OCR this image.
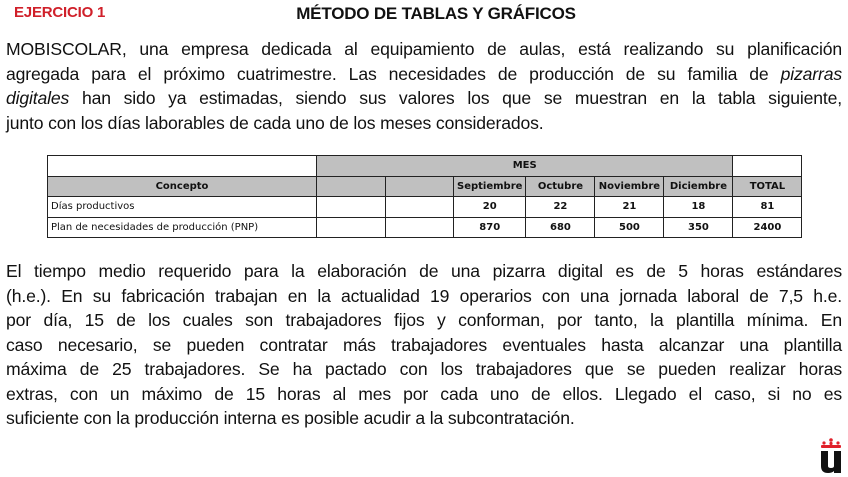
EJERCICIO 1	MÉTODO DE TABLAS Y GRÁFICOS
MOBISCOLAR, una empresa dedicada al equipamiento de aulas, está realizando su planificación
agregada para el próximo cuatrimestre. Las necesidades de producción de su familia de pizarras
digitales han sido ya estimadas, siendo sus valores los que se muestran en la tabla siguiente,
junto con los días laborables de cada uno de los meses considerados.
	MES						
Concepto			Septiembre	Octubre	Noviembre	Diciembre	TOTAL
Días productivos			20	22	21	18	81
Plan de necesidades de producción (PNP)			870	680	500	350	2400
El tiempo medio requerido para la elaboración de una pizarra digital es de 5 horas estándares
(h.e.). En su fabricación trabajan en la actualidad 19 operarios con una jornada laboral de 7,5 h.e.
por día, 15 de los cuales son trabajadores fijos y conforman, por tanto, la plantilla mínima. En
caso necesario, se pueden contratar más trabajadores eventuales hasta alcanzar una plantilla
máxima de 25 trabajadores. Se ha pactado con los trabajadores que se pueden realizar horas
extras, con un máximo de 15 horas al mes por cada uno de ellos. Llegado el caso, si no es
suficiente con la producción interna es posible acudir a la subcontratación.
